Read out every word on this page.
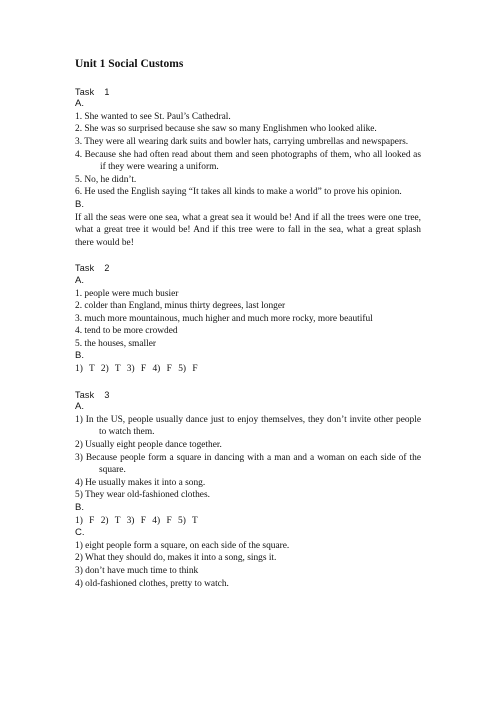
Unit 1 Social Customs
Task 1
A.
1. She wanted to see St. Paul’s Cathedral.
2. She was so surprised because she saw so many Englishmen who looked alike.
3. They were all wearing dark suits and bowler hats, carrying umbrellas and newspapers.
4. Because she had often read about them and seen photographs of them, who all looked as if they were wearing a uniform.
5. No, he didn’t.
6. He used the English saying “It takes all kinds to make a world” to prove his opinion.
B.
If all the seas were one sea, what a great sea it would be! And if all the trees were one tree, what a great tree it would be! And if this tree were to fall in the sea, what a great splash there would be!
Task 2
A.
1. people were much busier
2. colder than England, minus thirty degrees, last longer
3. much more mountainous, much higher and much more rocky, more beautiful
4. tend to be more crowded
5. the houses, smaller
B.
1) T 2) T 3) F 4) F 5) F
Task 3
A.
1) In the US, people usually dance just to enjoy themselves, they don’t invite other people to watch them.
2) Usually eight people dance together.
3) Because people form a square in dancing with a man and a woman on each side of the square.
4) He usually makes it into a song.
5) They wear old-fashioned clothes.
B.
1) F 2) T 3) F 4) F 5) T
C.
1) eight people form a square, on each side of the square.
2) What they should do, makes it into a song, sings it.
3) don’t have much time to think
4) old-fashioned clothes, pretty to watch.
